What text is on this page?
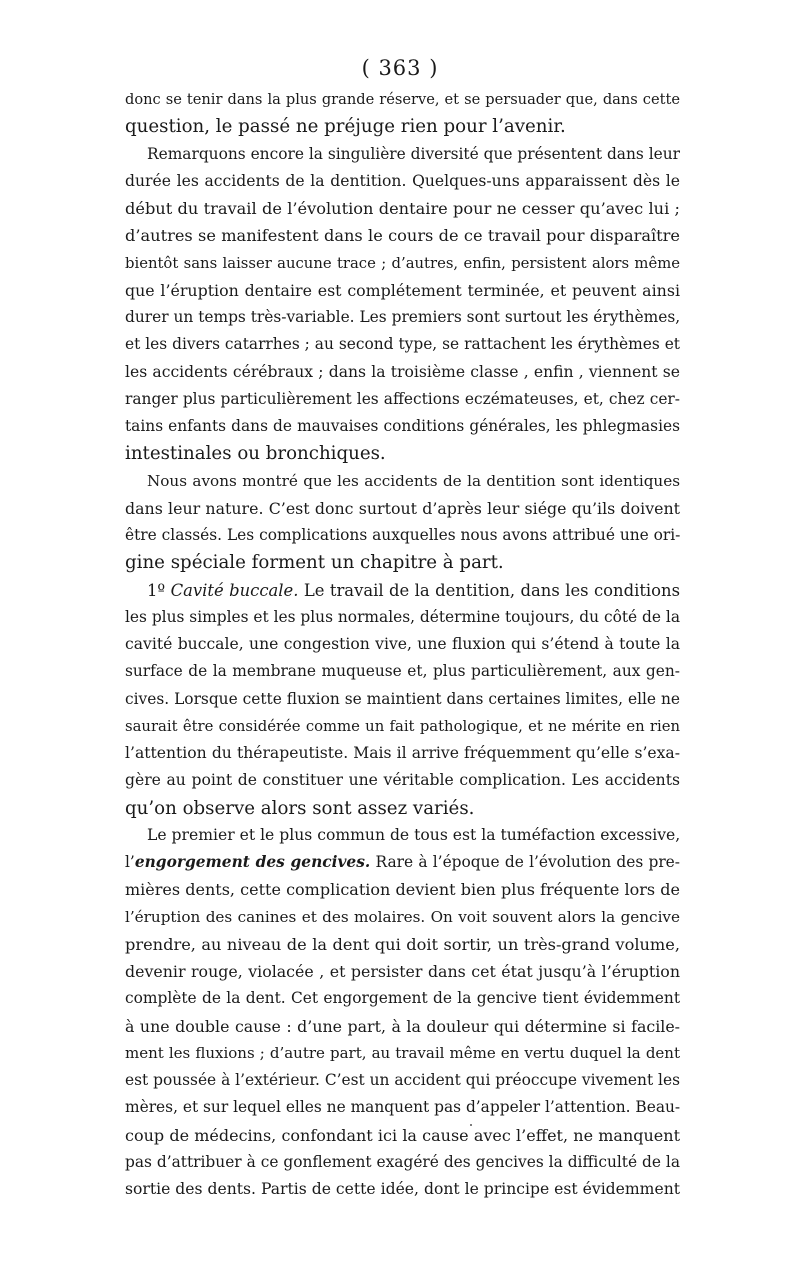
( 363 )
donc se tenir dans la plus grande réserve, et se persuader que, dans cette
question, le passé ne préjuge rien pour l’avenir.
Remarquons encore la singulière diversité que présentent dans leur
durée les accidents de la dentition. Quelques-uns apparaissent dès le
début du travail de l’évolution dentaire pour ne cesser qu’avec lui ;
d’autres se manifestent dans le cours de ce travail pour disparaître
bientôt sans laisser aucune trace ; d’autres, enfin, persistent alors même
que l’éruption dentaire est complétement terminée, et peuvent ainsi
durer un temps très-variable. Les premiers sont surtout les érythèmes,
et les divers catarrhes ; au second type, se rattachent les érythèmes et
les accidents cérébraux ; dans la troisième classe , enfin , viennent se
ranger plus particulièrement les affections eczémateuses, et, chez cer-
tains enfants dans de mauvaises conditions générales, les phlegmasies
intestinales ou bronchiques.
Nous avons montré que les accidents de la dentition sont identiques
dans leur nature. C’est donc surtout d’après leur siége qu’ils doivent
être classés. Les complications auxquelles nous avons attribué une ori-
gine spéciale forment un chapitre à part.
1º Cavité buccale. Le travail de la dentition, dans les conditions
les plus simples et les plus normales, détermine toujours, du côté de la
cavité buccale, une congestion vive, une fluxion qui s’étend à toute la
surface de la membrane muqueuse et, plus particulièrement, aux gen-
cives. Lorsque cette fluxion se maintient dans certaines limites, elle ne
saurait être considérée comme un fait pathologique, et ne mérite en rien
l’attention du thérapeutiste. Mais il arrive fréquemment qu’elle s’exa-
gère au point de constituer une véritable complication. Les accidents
qu’on observe alors sont assez variés.
Le premier et le plus commun de tous est la tuméfaction excessive,
l’engorgement des gencives. Rare à l’époque de l’évolution des pre-
mières dents, cette complication devient bien plus fréquente lors de
l’éruption des canines et des molaires. On voit souvent alors la gencive
prendre, au niveau de la dent qui doit sortir, un très-grand volume,
devenir rouge, violacée , et persister dans cet état jusqu’à l’éruption
complète de la dent. Cet engorgement de la gencive tient évidemment
à une double cause : d’une part, à la douleur qui détermine si facile-
ment les fluxions ; d’autre part, au travail même en vertu duquel la dent
est poussée à l’extérieur. C’est un accident qui préoccupe vivement les
mères, et sur lequel elles ne manquent pas d’appeler l’attention. Beau-
coup de médecins, confondant ici la cause avec l’effet, ne manquent
pas d’attribuer à ce gonflement exagéré des gencives la difficulté de la
sortie des dents. Partis de cette idée, dont le principe est évidemment
